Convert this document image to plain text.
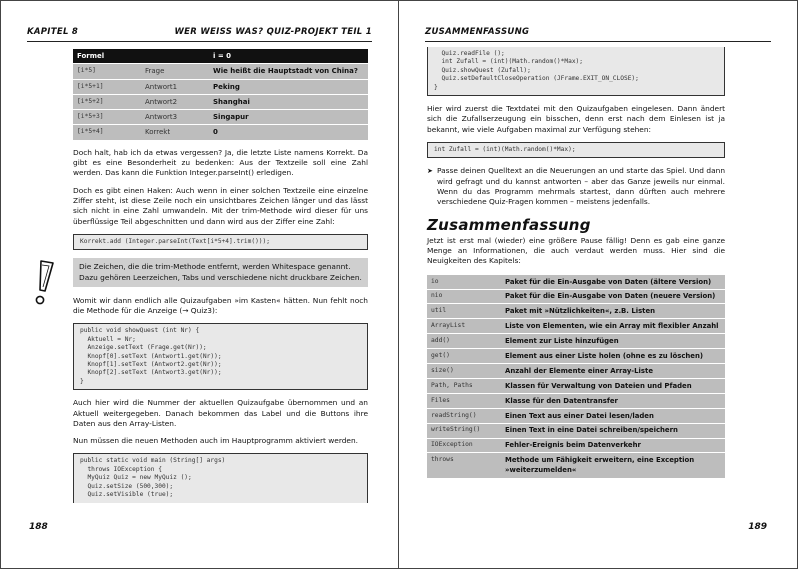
KAPITEL 8	WER WEISS WAS? QUIZ-PROJEKT TEIL 1
Formel		i = 0
[i*5]	Frage	Wie heißt die Hauptstadt von China?
[i*5+1]	Antwort1	Peking
[i*5+2]	Antwort2	Shanghai
[i*5+3]	Antwort3	Singapur
[i*5+4]	Korrekt	0

Doch halt, hab ich da etwas vergessen? Ja, die letzte Liste namens Korrekt. Da gibt es eine Besonderheit zu bedenken: Aus der Textzeile soll eine Zahl werden. Das kann die Funktion Integer.parseInt() erledigen.

Doch es gibt einen Haken: Auch wenn in einer solchen Textzeile eine einzelne Ziffer steht, ist diese Zeile noch ein unsichtbares Zeichen länger und das lässt sich nicht in eine Zahl umwandeln. Mit der trim-Methode wird dieser für uns überflüssige Teil abgeschnitten und dann wird aus der Ziffer eine Zahl:

Korrekt.add (Integer.parseInt(Text[i*5+4].trim()));
Die Zeichen, die die trim-Methode entfernt, werden Whitespace genannt. Dazu gehören Leerzeichen, Tabs und verschiedene nicht druckbare Zeichen.

Womit wir dann endlich alle Quizaufgaben »im Kasten« hätten. Nun fehlt noch die Methode für die Anzeige (→ Quiz3):

public void showQuest (int Nr) {
Aktuell = Nr;
Anzeige.setText (Frage.get(Nr));
Knopf[0].setText (Antwort1.get(Nr));
Knopf[1].setText (Antwort2.get(Nr));
Knopf[2].setText (Antwort3.get(Nr));
}

Auch hier wird die Nummer der aktuellen Quizaufgabe übernommen und an Aktuell weitergegeben. Danach bekommen das Label und die Buttons ihre Daten aus den Array-Listen.

Nun müssen die neuen Methoden auch im Hauptprogramm aktiviert werden.

public static void main (String[] args)
throws IOException {
MyQuiz Quiz = new MyQuiz ();
Quiz.setSize (500,300);
Quiz.setVisible (true);
188
ZUSAMMENFASSUNG
Quiz.readFile ();
int Zufall = (int)(Math.random()*Max);
Quiz.showQuest (Zufall);
Quiz.setDefaultCloseOperation (JFrame.EXIT_ON_CLOSE);
}

Hier wird zuerst die Textdatei mit den Quizaufgaben eingelesen. Dann ändert sich die Zufallserzeugung ein bisschen, denn erst nach dem Einlesen ist ja bekannt, wie viele Aufgaben maximal zur Verfügung stehen:

int Zufall = (int)(Math.random()*Max);
➤ Passe deinen Quelltext an die Neuerungen an und starte das Spiel. Und dann wird gefragt und du kannst antworten – aber das Ganze jeweils nur einmal. Wenn du das Programm mehrmals startest, dann dürften auch mehrere verschiedene Quiz-Fragen kommen – meistens jedenfalls.
Zusammenfassung

Jetzt ist erst mal (wieder) eine größere Pause fällig! Denn es gab eine ganze Menge an Informationen, die auch verdaut werden muss. Hier sind die Neuigkeiten des Kapitels:

io	Paket für die Ein-Ausgabe von Daten (ältere Version)
nio	Paket für die Ein-Ausgabe von Daten (neuere Version)
util	Paket mit »Nützlichkeiten«, z.B. Listen
ArrayList	Liste von Elementen, wie ein Array mit flexibler Anzahl
add()	Element zur Liste hinzufügen
get()	Element aus einer Liste holen (ohne es zu löschen)
size()	Anzahl der Elemente einer Array-Liste
Path, Paths	Klassen für Verwaltung von Dateien und Pfaden
Files	Klasse für den Datentransfer
readString()	Einen Text aus einer Datei lesen/laden
writeString()	Einen Text in eine Datei schreiben/speichern
IOException	Fehler-Ereignis beim Datenverkehr
throws	Methode um Fähigkeit erweitern, eine Exception »weiterzumelden«
189
